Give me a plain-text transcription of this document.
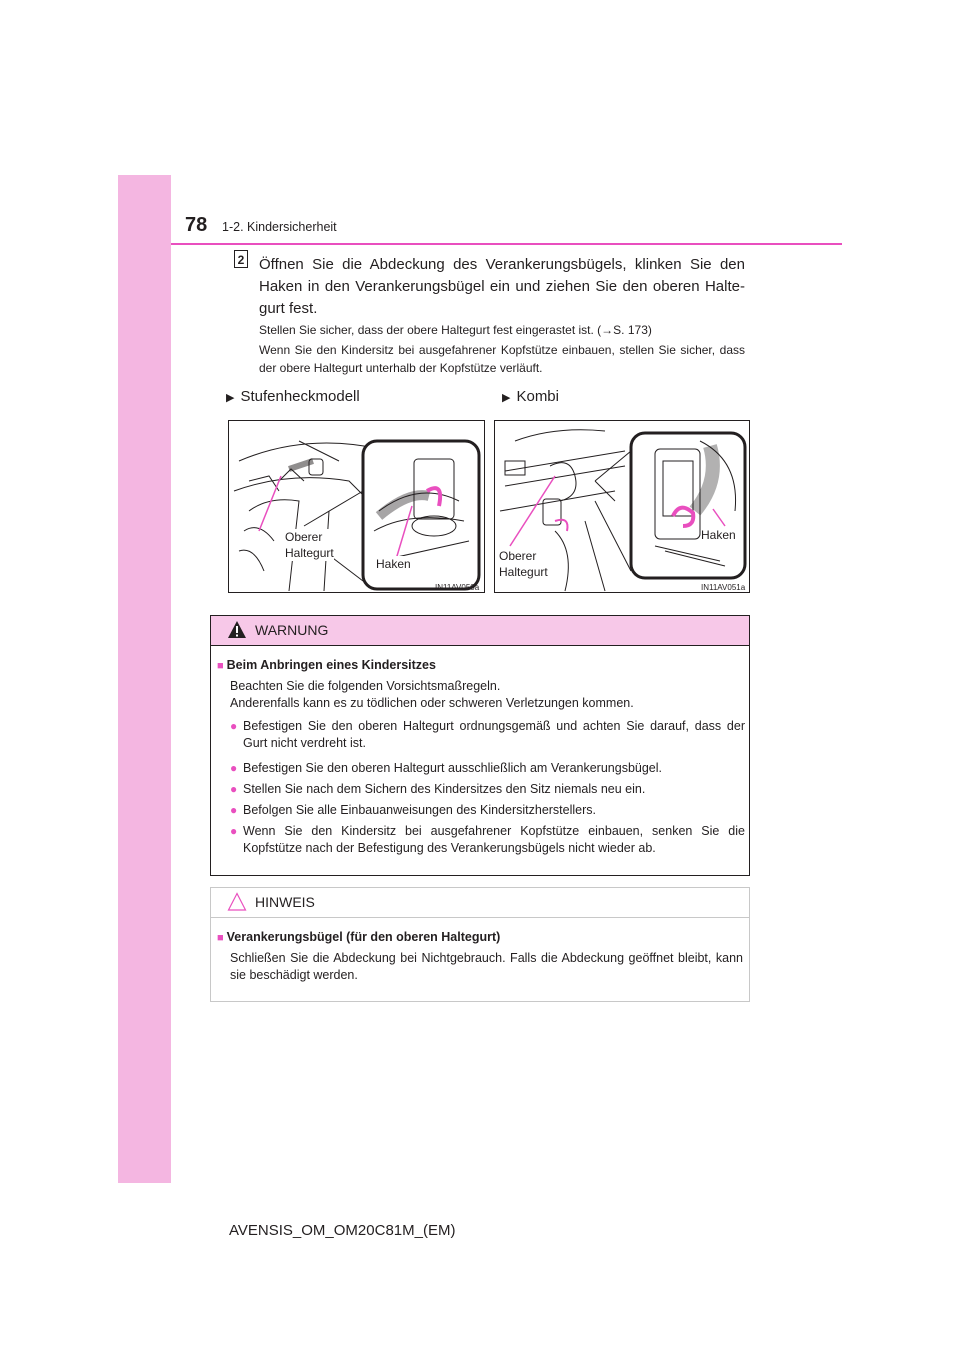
78 1-2. Kindersicherheit
2 Öffnen Sie die Abdeckung des Verankerungsbügels, klinken Sie den Haken in den Verankerungsbügel ein und ziehen Sie den oberen Haltegurt fest.
Stellen Sie sicher, dass der obere Haltegurt fest eingerastet ist. (→S. 173)
Wenn Sie den Kindersitz bei ausgefahrener Kopfstütze einbauen, stellen Sie sicher, dass der obere Haltegurt unterhalb der Kopfstütze verläuft.
▶ Stufenheckmodell	▶ Kombi
Oberer
Haltegurt
Haken
IN11AV050a
Oberer
Haltegurt
Haken
IN11AV051a
WARNUNG
■ Beim Anbringen eines Kindersitzes
Beachten Sie die folgenden Vorsichtsmaßregeln.
Anderenfalls kann es zu tödlichen oder schweren Verletzungen kommen.
● Befestigen Sie den oberen Haltegurt ordnungsgemäß und achten Sie darauf, dass der Gurt nicht verdreht ist.
● Befestigen Sie den oberen Haltegurt ausschließlich am Verankerungsbügel.
● Stellen Sie nach dem Sichern des Kindersitzes den Sitz niemals neu ein.
● Befolgen Sie alle Einbauanweisungen des Kindersitzherstellers.
● Wenn Sie den Kindersitz bei ausgefahrener Kopfstütze einbauen, senken Sie die Kopfstütze nach der Befestigung des Verankerungsbügels nicht wieder ab.
HINWEIS
■ Verankerungsbügel (für den oberen Haltegurt)
Schließen Sie die Abdeckung bei Nichtgebrauch. Falls die Abdeckung geöffnet bleibt, kann sie beschädigt werden.
AVENSIS_OM_OM20C81M_(EM)
